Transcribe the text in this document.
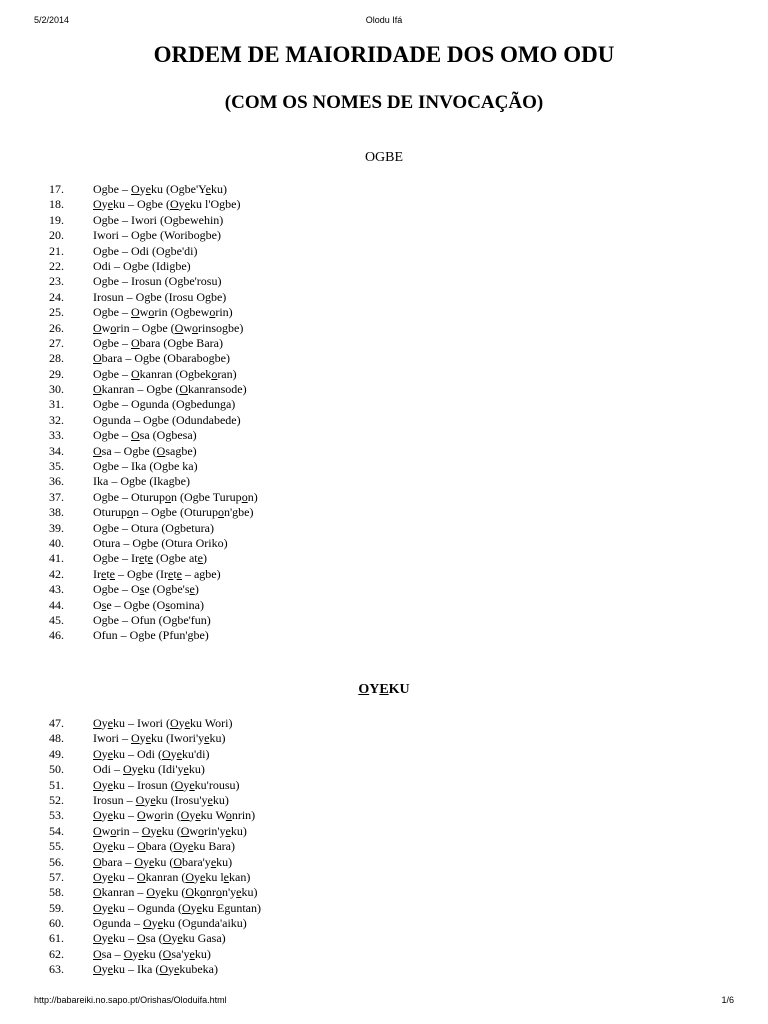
5/2/2014	Olodu Ifá
ORDEM DE MAIORIDADE DOS OMO ODU
(COM OS NOMES DE INVOCAÇÃO)
OGBE
17. Ogbe – Oyeku (Ogbe'Yeku)
18. Oyeku – Ogbe (Oyeku l'Ogbe)
19. Ogbe – Iwori (Ogbewehin)
20. Iwori – Ogbe (Woribogbe)
21. Ogbe – Odi (Ogbe'di)
22. Odi – Ogbe (Idigbe)
23. Ogbe – Irosun (Ogbe'rosu)
24. Irosun – Ogbe (Irosu Ogbe)
25. Ogbe – Oworin (Ogbeworin)
26. Oworin – Ogbe (Oworinsogbe)
27. Ogbe – Obara (Ogbe Bara)
28. Obara – Ogbe (Obarabogbe)
29. Ogbe – Okanran (Ogbekoran)
30. Okanran – Ogbe (Okanransode)
31. Ogbe – Ogunda (Ogbedunga)
32. Ogunda – Ogbe (Odundabede)
33. Ogbe – Osa (Ogbesa)
34. Osa – Ogbe (Osagbe)
35. Ogbe – Ika (Ogbe ka)
36. Ika – Ogbe (Ikagbe)
37. Ogbe – Oturupon (Ogbe Turupon)
38. Oturupon – Ogbe (Oturupon'gbe)
39. Ogbe – Otura (Ogbetura)
40. Otura – Ogbe (Otura Oriko)
41. Ogbe – Irete (Ogbe ate)
42. Irete – Ogbe (Irete – agbe)
43. Ogbe – Ose (Ogbe'se)
44. Ose – Ogbe (Osomina)
45. Ogbe – Ofun (Ogbe'fun)
46. Ofun – Ogbe (Pfun'gbe)
OYEKU
47. Oyeku – Iwori (Oyeku Wori)
48. Iwori – Oyeku (Iwori'yeku)
49. Oyeku – Odi (Oyeku'di)
50. Odi – Oyeku (Idi'yeku)
51. Oyeku – Irosun (Oyeku'rousu)
52. Irosun – Oyeku (Irosu'yeku)
53. Oyeku – Oworin (Oyeku Wonrin)
54. Oworin – Oyeku (Oworin'yeku)
55. Oyeku – Obara (Oyeku Bara)
56. Obara – Oyeku (Obara'yeku)
57. Oyeku – Okanran (Oyeku lekan)
58. Okanran – Oyeku (Okonron'yeku)
59. Oyeku – Ogunda (Oyeku Eguntan)
60. Ogunda – Oyeku (Ogunda'aiku)
61. Oyeku – Osa (Oyeku Gasa)
62. Osa – Oyeku (Osa'yeku)
63. Oyeku – Ika (Oyekubeka)
http://babareiki.no.sapo.pt/Orishas/Oloduifa.html	1/6
